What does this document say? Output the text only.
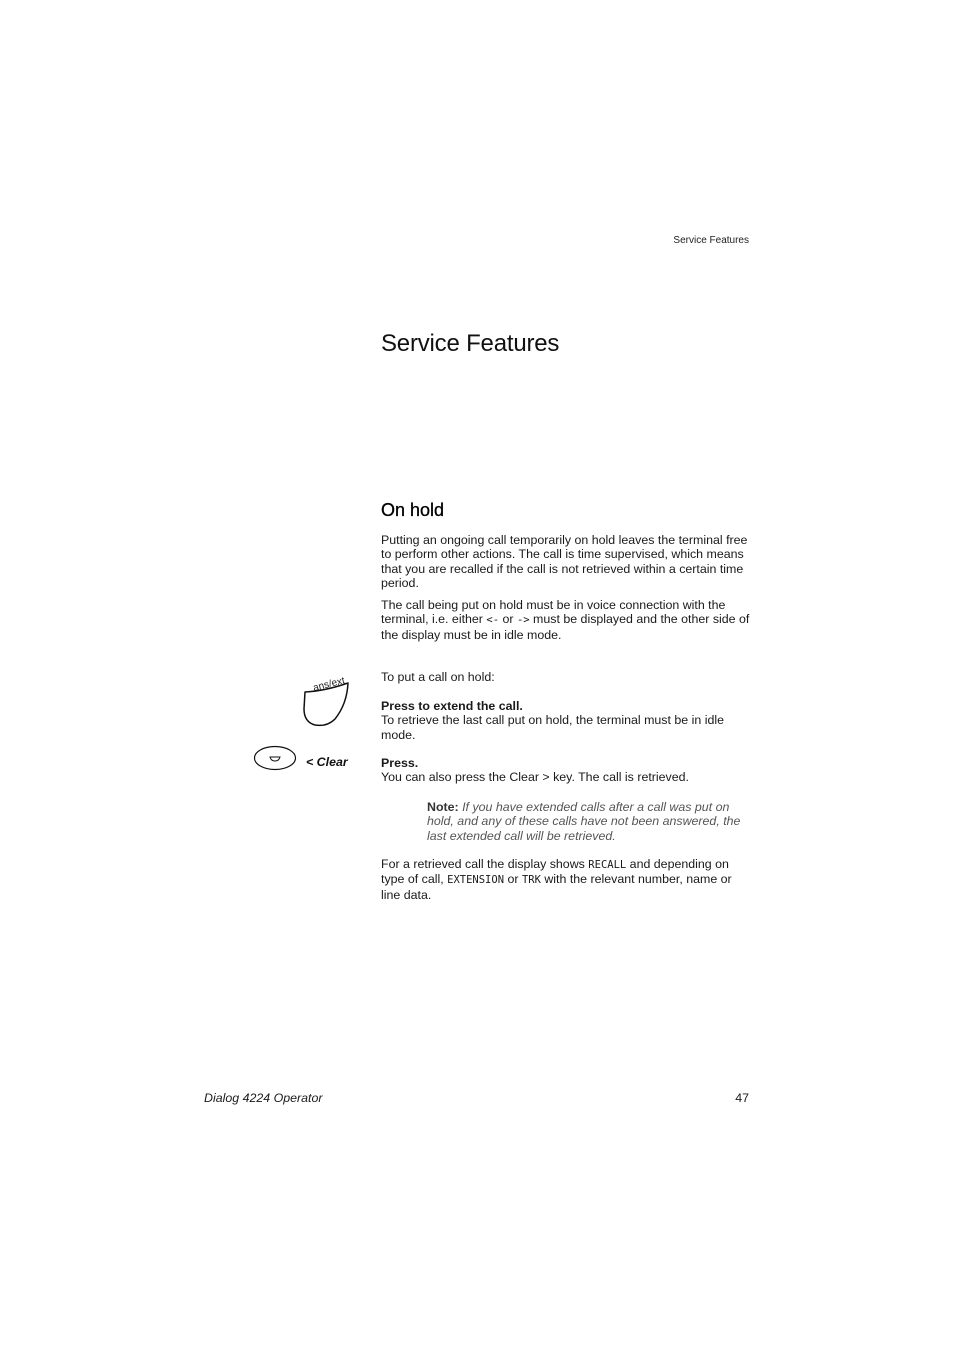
Service Features
Service Features
On hold

Putting an ongoing call temporarily on hold leaves the terminal free to perform other actions. The call is time supervised, which means that you are recalled if the call is not retrieved within a certain time period.

The call being put on hold must be in voice connection with the terminal, i.e. either <- or -> must be displayed and the other side of the display must be in idle mode.

To put a call on hold:

ans/ext

Press to extend the call.
To retrieve the last call put on hold, the terminal must be in idle mode.

< Clear	Press.
You can also press the Clear > key. The call is retrieved.

Note: If you have extended calls after a call was put on hold, and any of these calls have not been answered, the last extended call will be retrieved.

For a retrieved call the display shows RECALL and depending on type of call, EXTENSION or TRK with the relevant number, name or line data.

Dialog 4224 Operator	47
